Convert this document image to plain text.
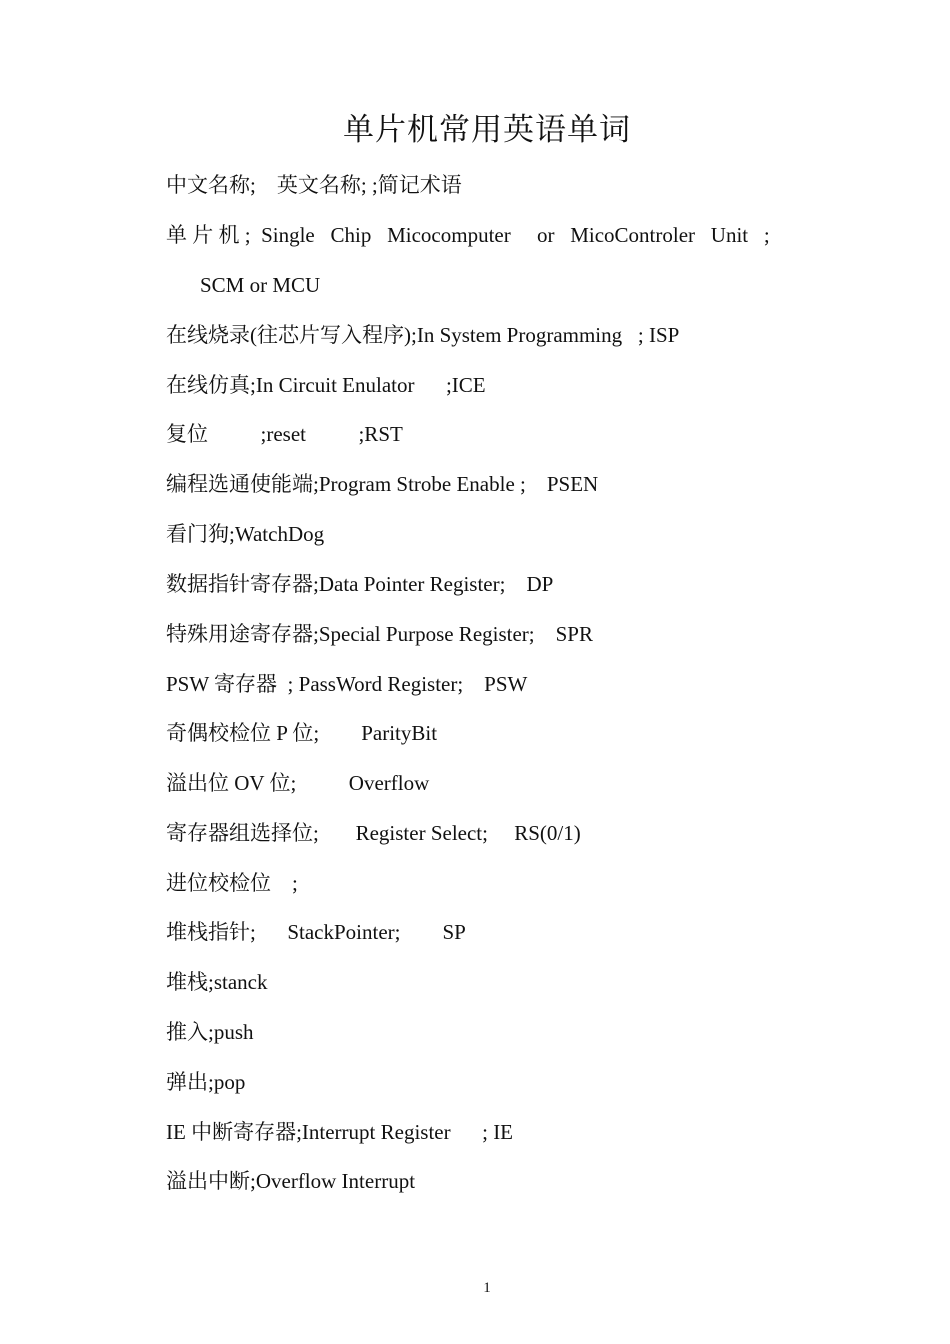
单片机常用英语单词
中文名称;    英文名称; ;简记术语
单 片 机 ;  Single   Chip   Micocomputer     or   MicoControler   Unit   ;
SCM or MCU
在线烧录(往芯片写入程序);In System Programming   ; ISP
在线仿真;In Circuit Enulator      ;ICE
复位          ;reset          ;RST
编程选通使能端;Program Strobe Enable ;    PSEN
看门狗;WatchDog
数据指针寄存器;Data Pointer Register;    DP
特殊用途寄存器;Special Purpose Register;    SPR
PSW 寄存器  ; PassWord Register;    PSW
奇偶校检位 P 位;        ParityBit
溢出位 OV 位;          Overflow
寄存器组选择位;       Register Select;     RS(0/1)
进位校检位    ;
堆栈指针;      StackPointer;        SP
堆栈;stanck
推入;push
弹出;pop
IE 中断寄存器;Interrupt Register      ; IE
溢出中断;Overflow Interrupt
1
